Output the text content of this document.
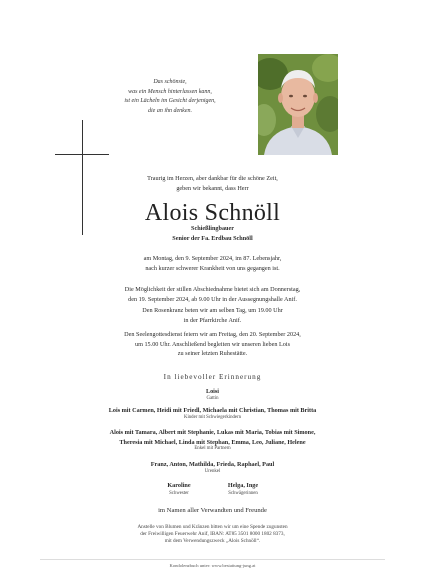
Das schönste,
was ein Mensch hinterlassen kann,
ist ein Lächeln im Gesicht derjenigen,
die an ihn denken.
Traurig im Herzen, aber dankbar für die schöne Zeit,
geben wir bekannt, dass Herr
Alois Schnöll
Schießlingbauer
Senior der Fa. Erdbau Schnöll
am Montag, den 9. September 2024, im 87. Lebensjahr,
nach kurzer schwerer Krankheit von uns gegangen ist.
Die Möglichkeit der stillen Abschiednahme bietet sich am Donnerstag,
den 19. September 2024, ab 9.00 Uhr in der Aussegnungshalle Anif.
Den Rosenkranz beten wir am selben Tag, um 19.00 Uhr
in der Pfarrkirche Anif.
Den Seelengottesdienst feiern wir am Freitag, den 20. September 2024,
um 15.00 Uhr. Anschließend begleiten wir unseren lieben Lois
zu seiner letzten Ruhestätte.
In liebevoller Erinnerung
Loisi
Gattin
Lois mit Carmen, Heidi mit Friedl, Michaela mit Christian, Thomas mit Britta
Kinder mit Schwiegerkindern
Alois mit Tamara, Albert mit Stephanie, Lukas mit Maria, Tobias mit Simone,
Theresia mit Michael, Linda mit Stephan, Emma, Leo, Juliane, Helene
Enkel mit Partnern
Franz, Anton, Mathilda, Frieda, Raphael, Paul
Urenkel
Karoline
Schwester
Helga, Inge
Schwägerinnen
im Namen aller Verwandten und Freunde
Anstelle von Blumen und Kränzen bitten wir um eine Spende zugunsten
der Freiwilligen Feuerwehr Anif, IBAN: AT85 3501 8000 1802 8373,
mit dem Verwendungszweck „Alois Schnöll“.
Kondolenzbuch unter: www.bestattung-jung.at
